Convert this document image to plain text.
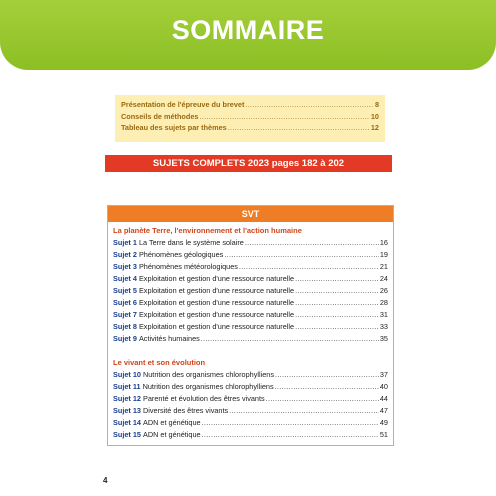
SOMMAIRE
Présentation de l'épreuve du brevet .....	8
Conseils de méthodes .....	10
Tableau des sujets par thèmes .....	12
SUJETS COMPLETS 2023 pages 182 à 202
SVT
La planète Terre, l'environnement et l'action humaine
Sujet 1 La Terre dans le système solaire .....	16
Sujet 2 Phénomènes géologiques .....	19
Sujet 3 Phénomènes météorologiques .....	21
Sujet 4 Exploitation et gestion d'une ressource naturelle .....	24
Sujet 5 Exploitation et gestion d'une ressource naturelle .....	26
Sujet 6 Exploitation et gestion d'une ressource naturelle .....	28
Sujet 7 Exploitation et gestion d'une ressource naturelle .....	31
Sujet 8 Exploitation et gestion d'une ressource naturelle .....	33
Sujet 9 Activités humaines .....	35
Le vivant et son évolution
Sujet 10 Nutrition des organismes chlorophylliens .....	37
Sujet 11 Nutrition des organismes chlorophylliens .....	40
Sujet 12 Parenté et évolution des êtres vivants .....	44
Sujet 13 Diversité des êtres vivants .....	47
Sujet 14 ADN et génétique .....	49
Sujet 15 ADN et génétique .....	51
4
